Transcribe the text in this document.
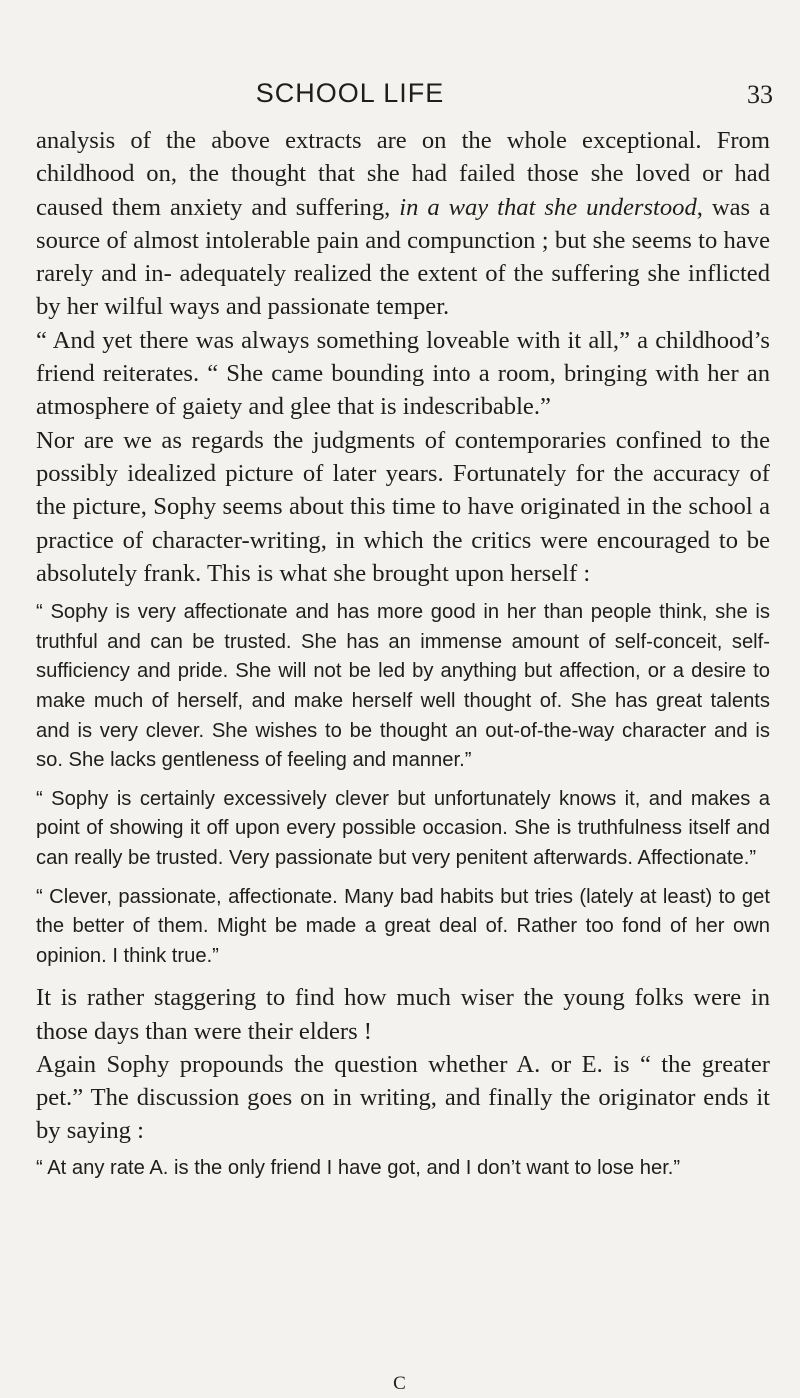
SCHOOL LIFE	33

analysis of the above extracts are on the whole exceptional. From childhood on, the thought that she had failed those she loved or had caused them anxiety and suffering, in a way that she understood, was a source of almost intolerable pain and compunction ; but she seems to have rarely and in- adequately realized the extent of the suffering she inflicted by her wilful ways and passionate temper.

“ And yet there was always something loveable with it all,” a childhood’s friend reiterates. “ She came bounding into a room, bringing with her an atmosphere of gaiety and glee that is indescribable.”

Nor are we as regards the judgments of contemporaries confined to the possibly idealized picture of later years. Fortunately for the accuracy of the picture, Sophy seems about this time to have originated in the school a practice of character-writing, in which the critics were encouraged to be absolutely frank. This is what she brought upon herself :

“ Sophy is very affectionate and has more good in her than people think, she is truthful and can be trusted. She has an immense amount of self-conceit, self-sufficiency and pride. She will not be led by anything but affection, or a desire to make much of herself, and make herself well thought of. She has great talents and is very clever. She wishes to be thought an out-of-the-way character and is so. She lacks gentleness of feeling and manner.”

“ Sophy is certainly excessively clever but unfortunately knows it, and makes a point of showing it off upon every possible occasion. She is truthfulness itself and can really be trusted. Very passionate but very penitent afterwards. Affectionate.”

“ Clever, passionate, affectionate. Many bad habits but tries (lately at least) to get the better of them. Might be made a great deal of. Rather too fond of her own opinion. I think true.”

It is rather staggering to find how much wiser the young folks were in those days than were their elders !

Again Sophy propounds the question whether A. or E. is “ the greater pet.” The discussion goes on in writing, and finally the originator ends it by saying :

“ At any rate A. is the only friend I have got, and I don’t want to lose her.”

C
